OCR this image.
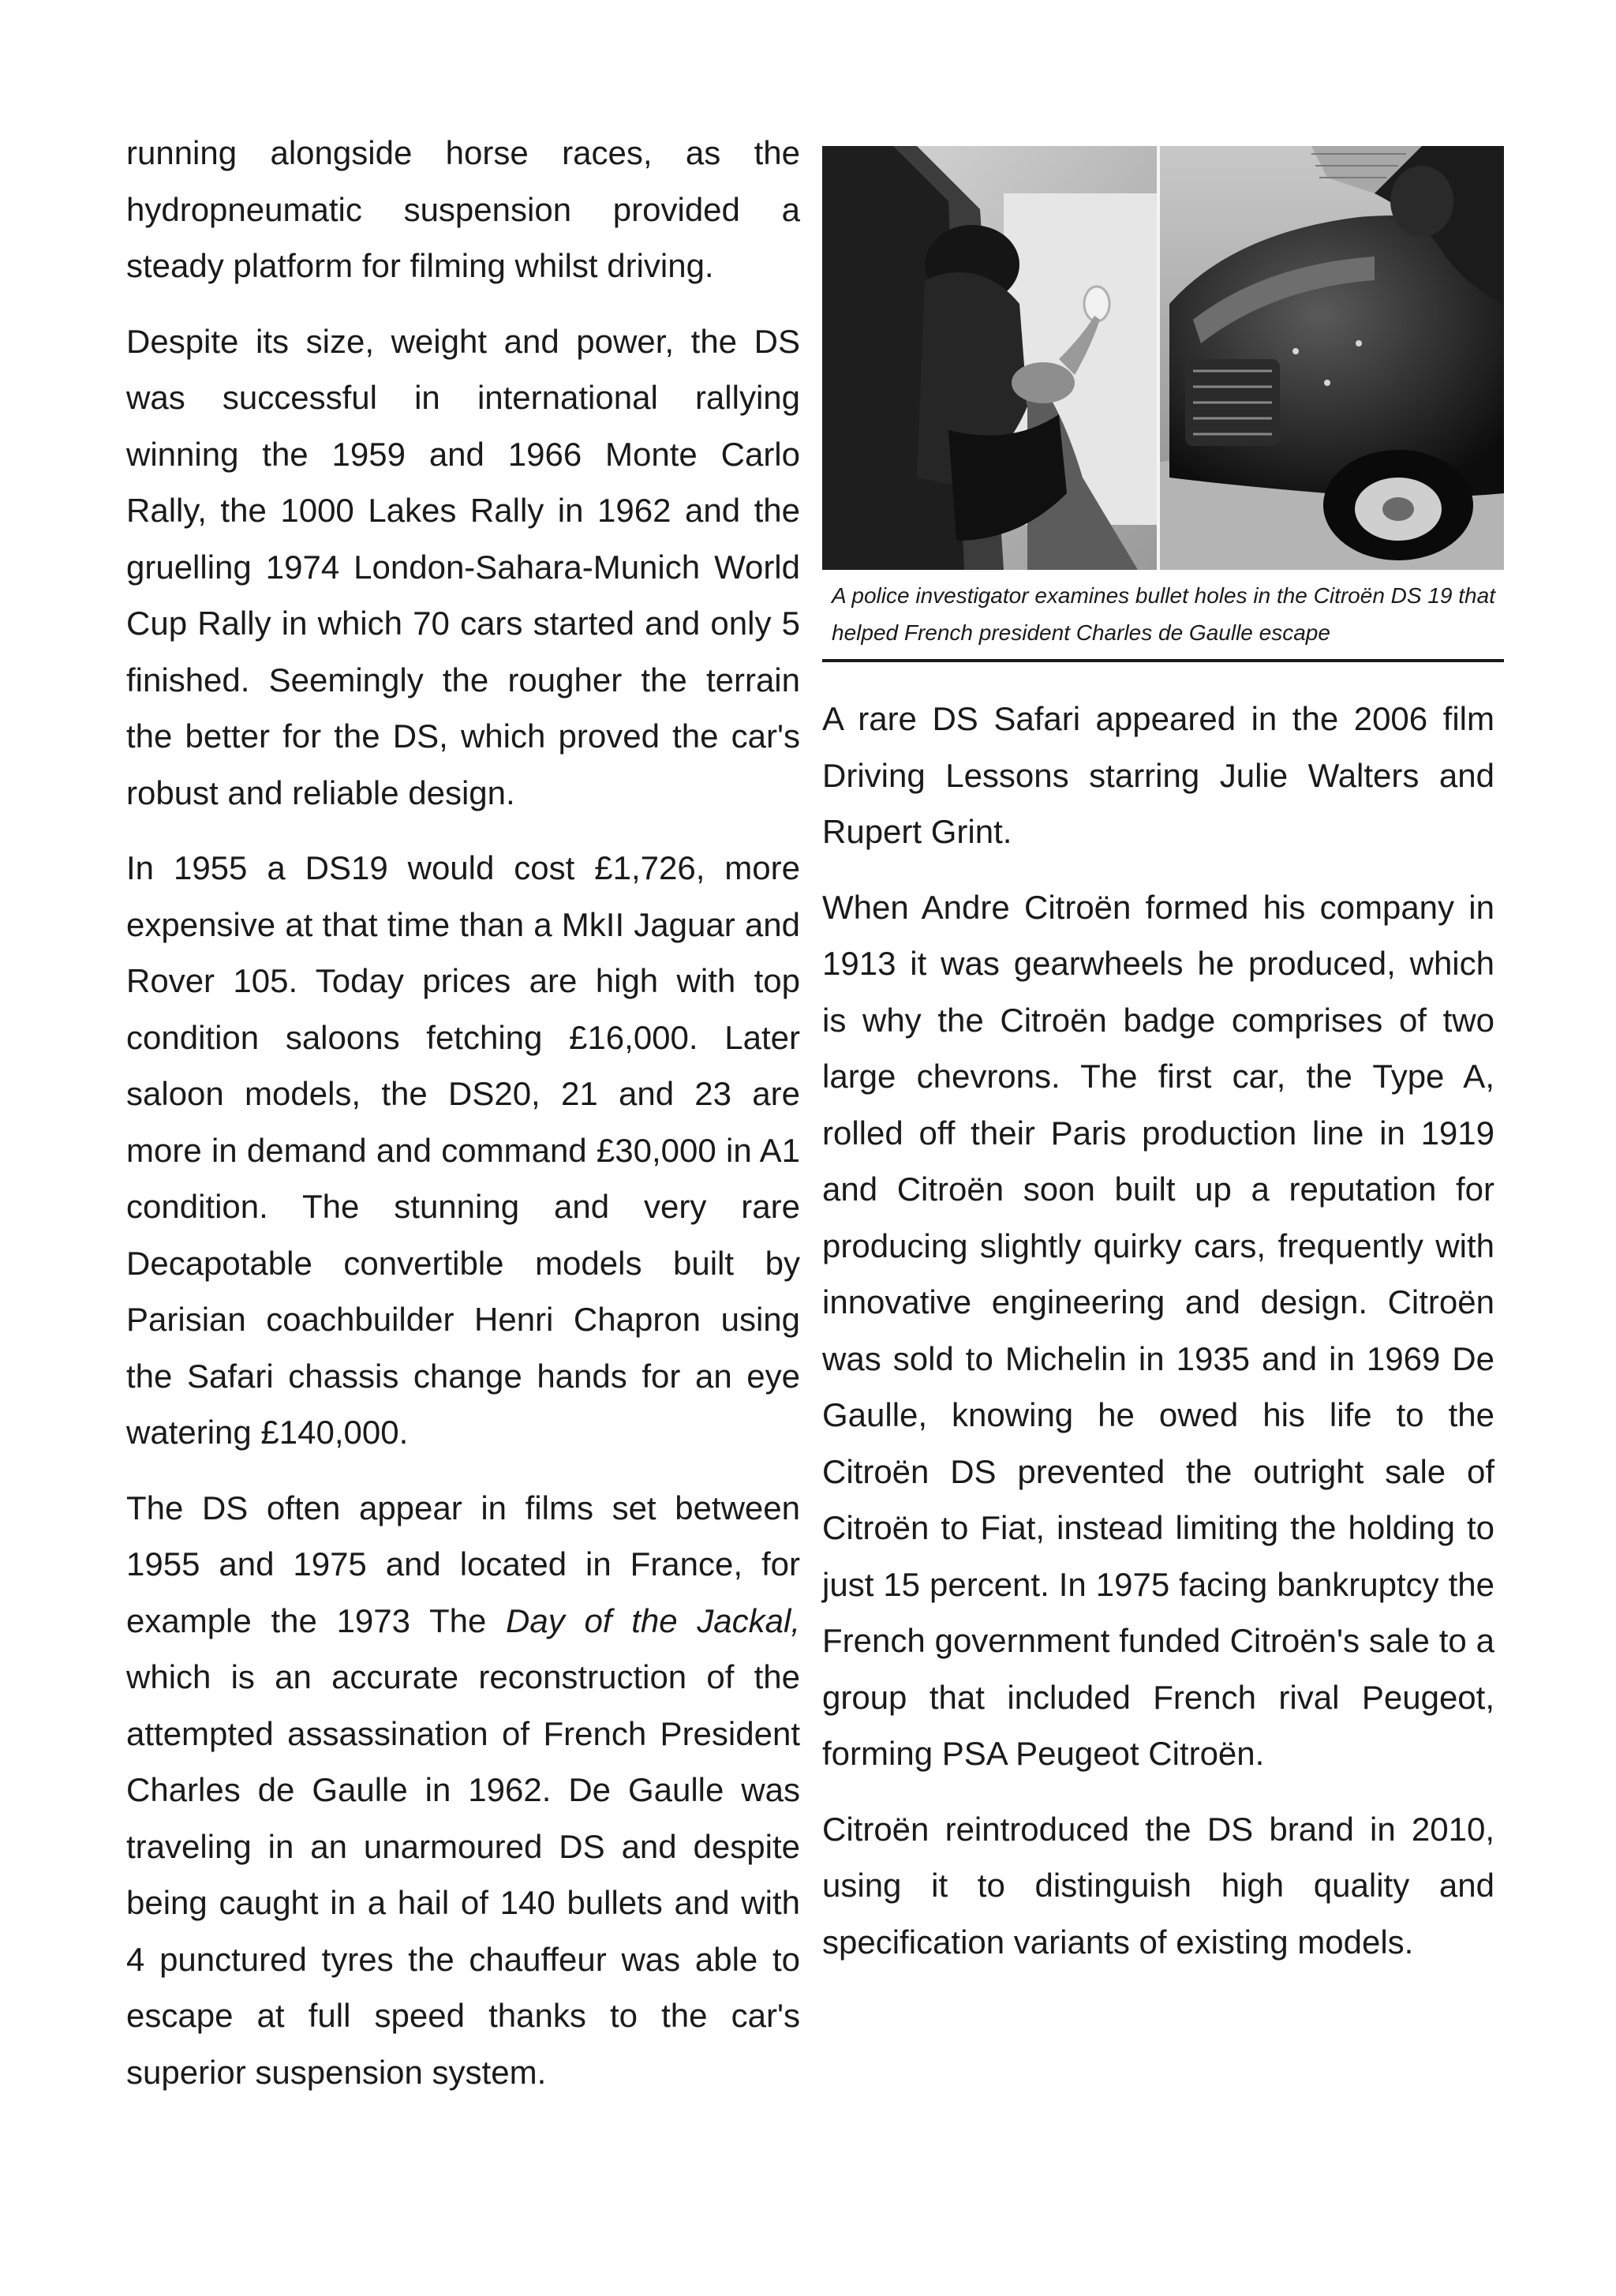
running alongside horse races, as the hydropneumatic suspension provided a steady platform for filming whilst driving.

Despite its size, weight and power, the DS was successful in international rallying winning the 1959 and 1966 Monte Carlo Rally, the 1000 Lakes Rally in 1962 and the gruelling 1974 London-Sahara-Munich World Cup Rally in which 70 cars started and only 5 finished. Seemingly the rougher the terrain the better for the DS, which proved the car's robust and reliable design.

In 1955 a DS19 would cost £1,726, more expensive at that time than a MkII Jaguar and Rover 105. Today prices are high with top condition saloons fetching £16,000. Later saloon models, the DS20, 21 and 23 are more in demand and command £30,000 in A1 condition. The stunning and very rare Decapotable convertible models built by Parisian coachbuilder Henri Chapron using the Safari chassis change hands for an eye watering £140,000.

The DS often appear in films set between 1955 and 1975 and located in France, for example the 1973 The Day of the Jackal, which is an accurate reconstruction of the attempted assassination of French President Charles de Gaulle in 1962. De Gaulle was traveling in an unarmoured DS and despite being caught in a hail of 140 bullets and with 4 punctured tyres the chauffeur was able to escape at full speed thanks to the car's superior suspension system.

A police investigator examines bullet holes in the Citroën DS 19 that helped French president Charles de Gaulle escape

A rare DS Safari appeared in the 2006 film Driving Lessons starring Julie Walters and Rupert Grint.

When Andre Citroën formed his company in 1913 it was gearwheels he produced, which is why the Citroën badge comprises of two large chevrons. The first car, the Type A, rolled off their Paris production line in 1919 and Citroën soon built up a reputation for producing slightly quirky cars, frequently with innovative engineering and design. Citroën was sold to Michelin in 1935 and in 1969 De Gaulle, knowing he owed his life to the Citroën DS prevented the outright sale of Citroën to Fiat, instead limiting the holding to just 15 percent. In 1975 facing bankruptcy the French government funded Citroën's sale to a group that included French rival Peugeot, forming PSA Peugeot Citroën.

Citroën reintroduced the DS brand in 2010, using it to distinguish high quality and specification variants of existing models.
